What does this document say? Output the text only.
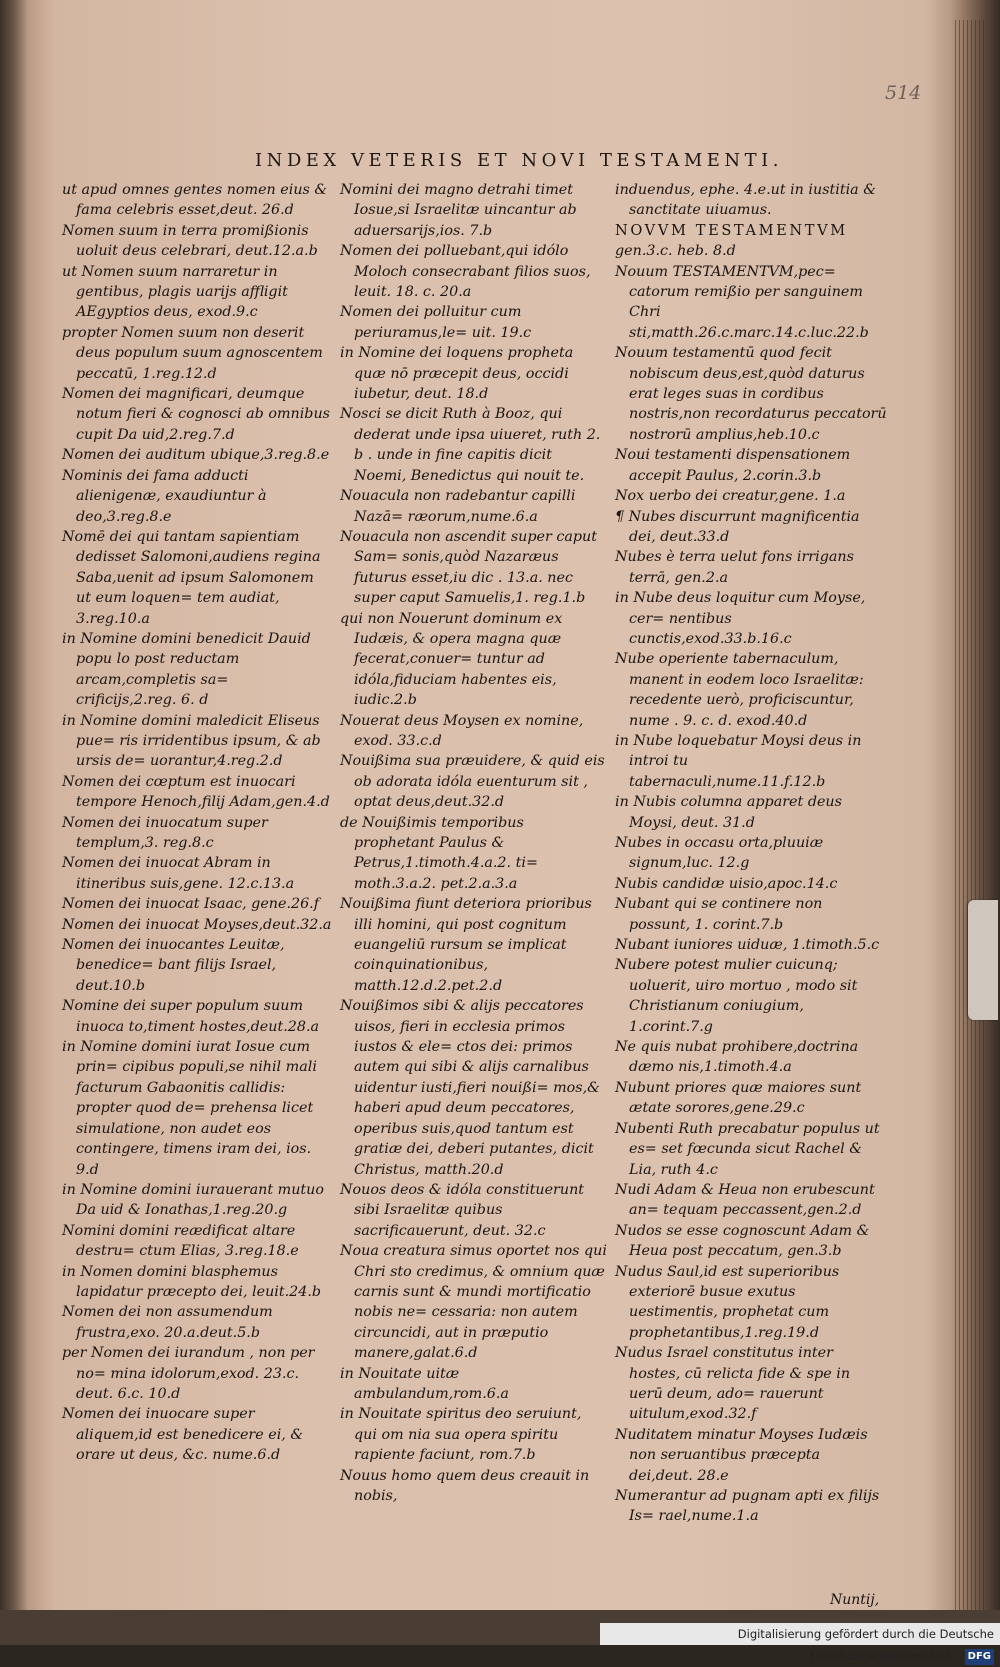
514
INDEX VETERIS ET NOVI TESTAMENTI.

ut apud omnes gentes nomen eius & fama celebris esset,deut. 26.d

Nomen suum in terra promißionis uoluit deus celebrari, deut.12.a.b

ut Nomen suum narraretur in gentibus, plagis uarijs affligit AEgyptios deus, exod.9.c

propter Nomen suum non deserit deus populum suum agnoscentem peccatū, 1.reg.12.d

Nomen dei magnificari, deumque notum fieri & cognosci ab omnibus cupit Da uid,2.reg.7.d

Nomen dei auditum ubique,3.reg.8.e

Nominis dei fama adducti alienigenæ, exaudiuntur à deo,3.reg.8.e

Nomē dei qui tantam sapientiam dedisset Salomoni,audiens regina Saba,uenit ad ipsum Salomonem ut eum loquen= tem audiat, 3.reg.10.a

in Nomine domini benedicit Dauid popu lo post reductam arcam,completis sa= crificijs,2.reg. 6. d

in Nomine domini maledicit Eliseus pue= ris irridentibus ipsum, & ab ursis de= uorantur,4.reg.2.d

Nomen dei cœptum est inuocari tempore Henoch,filij Adam,gen.4.d

Nomen dei inuocatum super templum,3. reg.8.c

Nomen dei inuocat Abram in itineribus suis,gene. 12.c.13.a

Nomen dei inuocat Isaac, gene.26.f

Nomen dei inuocat Moyses,deut.32.a

Nomen dei inuocantes Leuitæ, benedice= bant filijs Israel, deut.10.b

Nomine dei super populum suum inuoca to,timent hostes,deut.28.a

in Nomine domini iurat Iosue cum prin= cipibus populi,se nihil mali facturum Gabaonitis callidis: propter quod de= prehensa licet simulatione, non audet eos contingere, timens iram dei, ios. 9.d

in Nomine domini iurauerant mutuo Da uid & Ionathas,1.reg.20.g

Nomini domini reædificat altare destru= ctum Elias, 3.reg.18.e

in Nomen domini blasphemus lapidatur præcepto dei, leuit.24.b

Nomen dei non assumendum frustra,exo. 20.a.deut.5.b

per Nomen dei iurandum , non per no= mina idolorum,exod. 23.c. deut. 6.c. 10.d

Nomen dei inuocare super aliquem,id est benedicere ei, & orare ut deus, &c. nume.6.d

Nomini dei magno detrahi timet Iosue,si Israelitæ uincantur ab aduersarijs,ios. 7.b

Nomen dei polluebant,qui idólo Moloch consecrabant filios suos, leuit. 18. c. 20.a

Nomen dei polluitur cum periuramus,le= uit. 19.c

in Nomine dei loquens propheta quæ nō præcepit deus, occidi iubetur, deut. 18.d

Nosci se dicit Ruth à Booz, qui dederat unde ipsa uiueret, ruth 2. b . unde in fine capitis dicit Noemi, Benedictus qui nouit te.

Nouacula non radebantur capilli Nazā= ræorum,nume.6.a

Nouacula non ascendit super caput Sam= sonis,quòd Nazaræus futurus esset,iu dic . 13.a. nec super caput Samuelis,1. reg.1.b

qui non Nouerunt dominum ex Iudæis, & opera magna quæ fecerat,conuer= tuntur ad idóla,fiduciam habentes eis, iudic.2.b

Nouerat deus Moysen ex nomine, exod. 33.c.d

Nouißima sua præuidere, & quid eis ob adorata idóla euenturum sit , optat deus,deut.32.d

de Nouißimis temporibus prophetant Paulus & Petrus,1.timoth.4.a.2. ti= moth.3.a.2. pet.2.a.3.a

Nouißima fiunt deteriora prioribus illi homini, qui post cognitum euangeliū rursum se implicat coinquinationibus, matth.12.d.2.pet.2.d

Nouißimos sibi & alijs peccatores uisos, fieri in ecclesia primos iustos & ele= ctos dei: primos autem qui sibi & alijs carnalibus uidentur iusti,fieri nouißi= mos,& haberi apud deum peccatores, operibus suis,quod tantum est gratiæ dei, deberi putantes, dicit Christus, matth.20.d

Nouos deos & idóla constituerunt sibi Israelitæ quibus sacrificauerunt, deut. 32.c

Noua creatura simus oportet nos qui Chri sto credimus, & omnium quæ carnis sunt & mundi mortificatio nobis ne= cessaria: non autem circuncidi, aut in præputio manere,galat.6.d

in Nouitate uitæ ambulandum,rom.6.a

in Nouitate spiritus deo seruiunt, qui om nia sua opera spiritu rapiente faciunt, rom.7.b

Nouus homo quem deus creauit in nobis,

induendus, ephe. 4.e.ut in iustitia & sanctitate uiuamus.

NOVVM TESTAMENTVM

gen.3.c. heb. 8.d

Nouum TESTAMENTVM,pec= catorum remißio per sanguinem Chri sti,matth.26.c.marc.14.c.luc.22.b

Nouum testamentū quod fecit nobiscum deus,est,quòd daturus erat leges suas in cordibus nostris,non recordaturus peccatorū nostrorū amplius,heb.10.c

Noui testamenti dispensationem accepit Paulus, 2.corin.3.b

Nox uerbo dei creatur,gene. 1.a

¶ Nubes discurrunt magnificentia dei, deut.33.d

Nubes è terra uelut fons irrigans terrā, gen.2.a

in Nube deus loquitur cum Moyse, cer= nentibus cunctis,exod.33.b.16.c

Nube operiente tabernaculum, manent in eodem loco Israelitæ: recedente uerò, proficiscuntur, nume . 9. c. d. exod.40.d

in Nube loquebatur Moysi deus in introi tu tabernaculi,nume.11.f.12.b

in Nubis columna apparet deus Moysi, deut. 31.d

Nubes in occasu orta,pluuiæ signum,luc. 12.g

Nubis candidæ uisio,apoc.14.c

Nubant qui se continere non possunt, 1. corint.7.b

Nubant iuniores uiduæ, 1.timoth.5.c

Nubere potest mulier cuicunq; uoluerit, uiro mortuo , modo sit Christianum coniugium, 1.corint.7.g

Ne quis nubat prohibere,doctrina dæmo nis,1.timoth.4.a

Nubunt priores quæ maiores sunt ætate sorores,gene.29.c

Nubenti Ruth precabatur populus ut es= set fœcunda sicut Rachel & Lia, ruth 4.c

Nudi Adam & Heua non erubescunt an= tequam peccassent,gen.2.d

Nudos se esse cognoscunt Adam & Heua post peccatum, gen.3.b

Nudus Saul,id est superioribus exteriorē busue exutus uestimentis, prophetat cum prophetantibus,1.reg.19.d

Nudus Israel constitutus inter hostes, cū relicta fide & spe in uerū deum, ado= rauerunt uitulum,exod.32.f

Nuditatem minatur Moyses Iudæis non seruantibus præcepta dei,deut. 28.e

Numerantur ad pugnam apti ex filijs Is= rael,nume.1.a

Nuntij,
Digitalisierung gefördert durch die Deutsche Forschungsgemeinschaft - DFG
